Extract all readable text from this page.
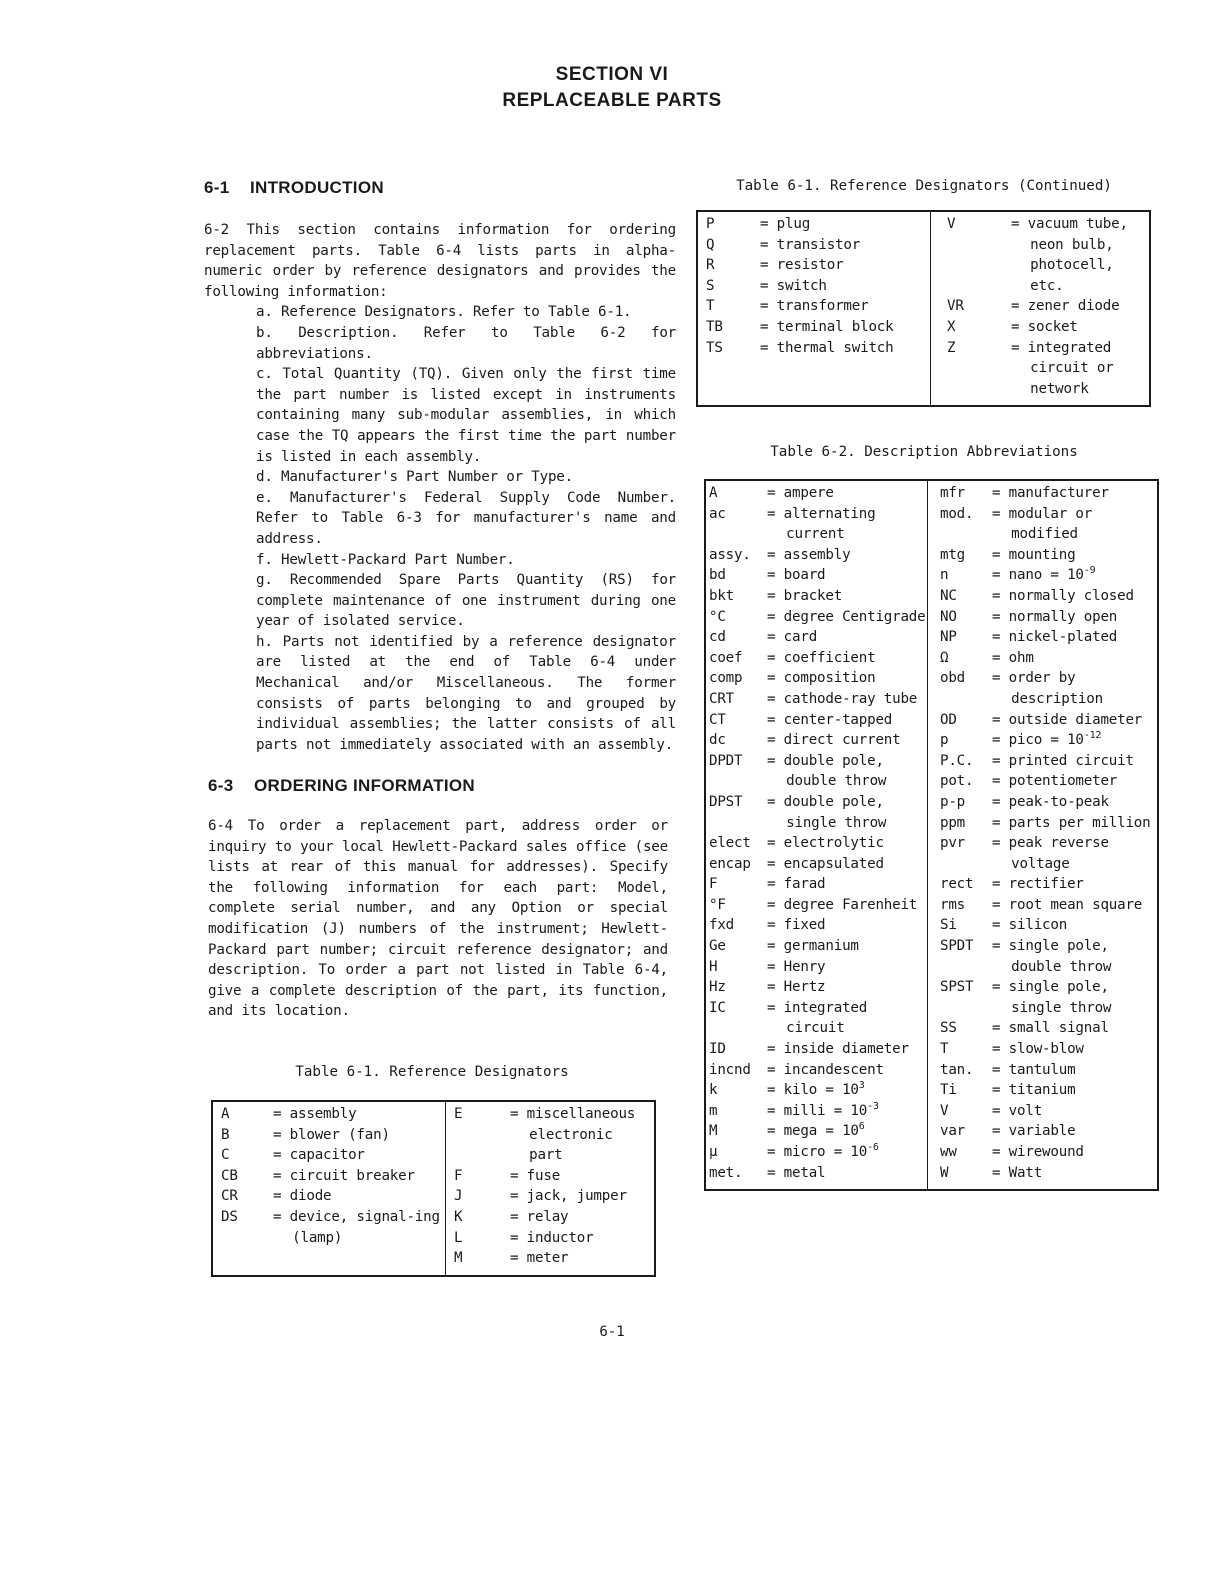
SECTION VI
REPLACEABLE PARTS
6-1 INTRODUCTION

6-2 This section contains information for ordering replacement parts. Table 6-4 lists parts in alpha-numeric order by reference designators and provides the following information:

a. Reference Designators. Refer to Table 6-1.

b. Description. Refer to Table 6-2 for abbreviations.

c. Total Quantity (TQ). Given only the first time the part number is listed except in instruments containing many sub-modular assemblies, in which case the TQ appears the first time the part number is listed in each assembly.

d. Manufacturer's Part Number or Type.

e. Manufacturer's Federal Supply Code Number. Refer to Table 6-3 for manufacturer's name and address.

f. Hewlett-Packard Part Number.

g. Recommended Spare Parts Quantity (RS) for complete maintenance of one instrument during one year of isolated service.

h. Parts not identified by a reference designator are listed at the end of Table 6-4 under Mechanical and/or Miscellaneous. The former consists of parts belonging to and grouped by individual assemblies; the latter consists of all parts not immediately associated with an assembly.

6-3 ORDERING INFORMATION

6-4 To order a replacement part, address order or inquiry to your local Hewlett-Packard sales office (see lists at rear of this manual for addresses). Specify the following information for each part: Model, complete serial number, and any Option or special modification (J) numbers of the instrument; Hewlett-Packard part number; circuit reference designator; and description. To order a part not listed in Table 6-4, give a complete description of the part, its function, and its location.

Table 6-1. Reference Designators
A	= assembly
B	= blower (fan)
C	= capacitor
CB	= circuit breaker
CR	= diode
DS	= device, signal-ing (lamp)

E	= miscellaneous electronic part
F	= fuse
J	= jack, jumper
K	= relay
L	= inductor
M	= meter
Table 6-1. Reference Designators (Continued)
P	= plug
Q	= transistor
R	= resistor
S	= switch
T	= transformer
TB	= terminal block
TS	= thermal switch

V	= vacuum tube, neon bulb, photocell, etc.
VR	= zener diode
X	= socket
Z	= integrated circuit or network
Table 6-2. Description Abbreviations
A	= ampere
ac	= alternating current
assy.	= assembly
bd	= board
bkt	= bracket
°C	= degree Centigrade
cd	= card
coef	= coefficient
comp	= composition
CRT	= cathode-ray tube
CT	= center-tapped
dc	= direct current
DPDT	= double pole, double throw
DPST	= double pole, single throw
elect	= electrolytic
encap	= encapsulated
F	= farad
°F	= degree Farenheit
fxd	= fixed
Ge	= germanium
H	= Henry
Hz	= Hertz
IC	= integrated circuit
ID	= inside diameter
incnd	= incandescent
k	= kilo = $10^3$
m	= milli = $10^{-3}$
M	= mega = $10^6$
µ	= micro = $10^{-6}$
met.	= metal

mfr	= manufacturer
mod.	= modular or modified
mtg	= mounting
n	= nano = $10^{-9}$
NC	= normally closed
NO	= normally open
NP	= nickel-plated
Ω	= ohm
obd	= order by description
OD	= outside diameter
p	= pico = $10^{-12}$
P.C.	= printed circuit
pot.	= potentiometer
p-p	= peak-to-peak
ppm	= parts per million
pvr	= peak reverse voltage
rect	= rectifier
rms	= root mean square
Si	= silicon
SPDT	= single pole, double throw
SPST	= single pole, single throw
SS	= small signal
T	= slow-blow
tan.	= tantulum
Ti	= titanium
V	= volt
var	= variable
ww	= wirewound
W	= Watt
6-1
